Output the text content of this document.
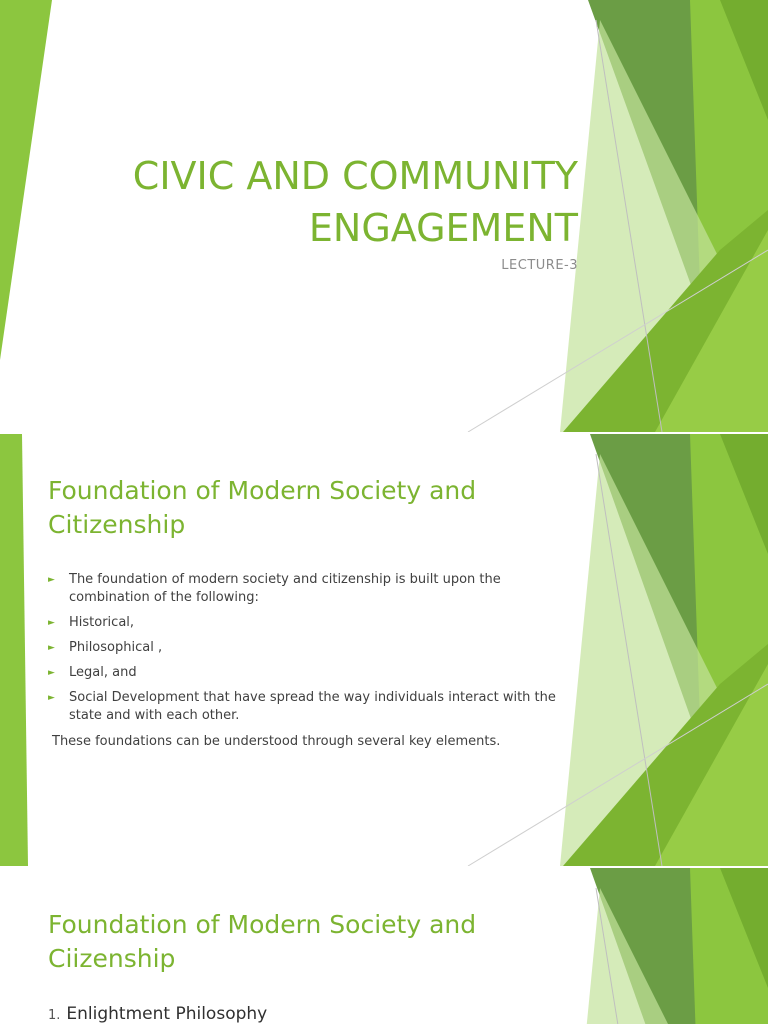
CIVIC AND COMMUNITY ENGAGEMENT
LECTURE-3
Foundation of Modern Society and Citizenship
► The foundation of modern society and citizenship is built upon the combination of the following:
► Historical,
► Philosophical ,
► Legal, and
► Social Development that have spread the way individuals interact with the state and with each other.
These foundations can be understood through several key elements.
Foundation of Modern Society and Ciizenship
1. Enlightment Philosophy
